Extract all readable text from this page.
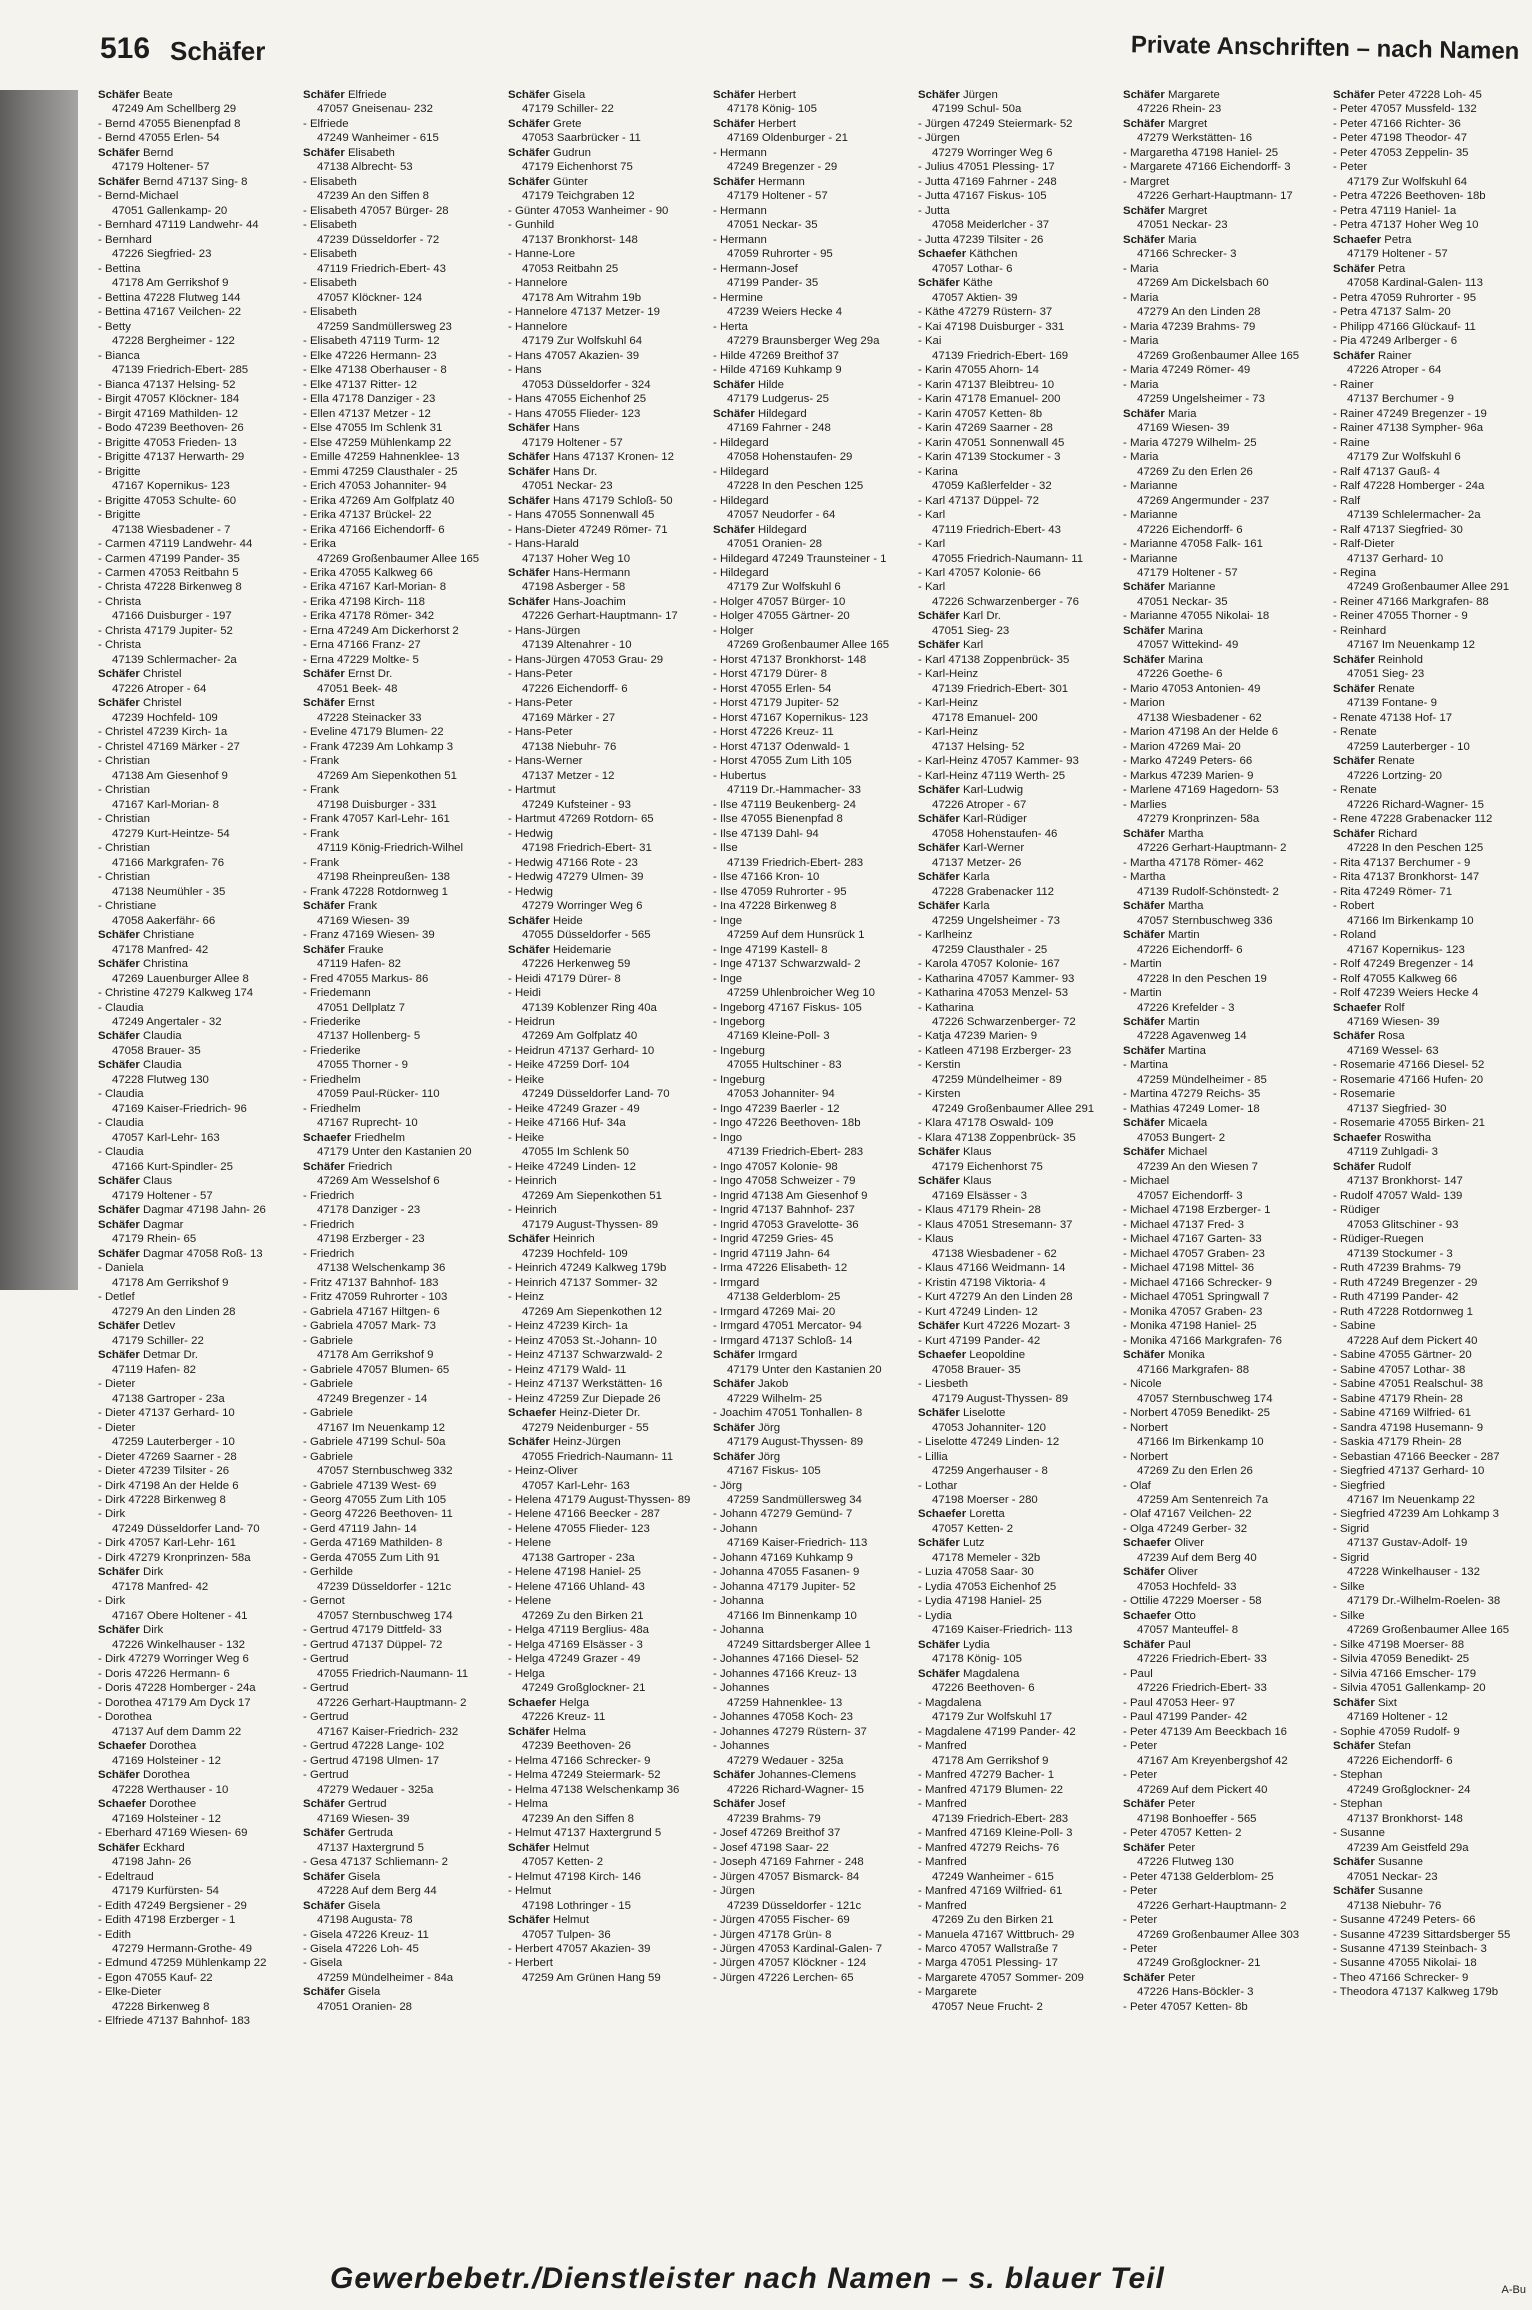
516 Schäfer	Private Anschriften – nach Namen
Schäfer Beate
47249 Am Schellberg 29
- Bernd 47055 Bienenpfad 8
- Bernd 47055 Erlen- 54
Schäfer Bernd
47179 Holtener- 57
Schäfer Bernd 47137 Sing- 8
- Bernd-Michael
47051 Gallenkamp- 20
- Bernhard 47119 Landwehr- 44
- Bernhard
47226 Siegfried- 23
- Bettina
47178 Am Gerrikshof 9
- Bettina 47228 Flutweg 144
- Bettina 47167 Veilchen- 22
- Betty
47228 Bergheimer - 122
- Bianca
47139 Friedrich-Ebert- 285
- Bianca 47137 Helsing- 52
- Birgit 47057 Klöckner- 184
- Birgit 47169 Mathilden- 12
- Bodo 47239 Beethoven- 26
- Brigitte 47053 Frieden- 13
- Brigitte 47137 Herwarth- 29
- Brigitte
47167 Kopernikus- 123
- Brigitte 47053 Schulte- 60
- Brigitte
47138 Wiesbadener - 7
- Carmen 47119 Landwehr- 44
- Carmen 47199 Pander- 35
- Carmen 47053 Reitbahn 5
- Christa 47228 Birkenweg 8
- Christa
47166 Duisburger - 197
- Christa 47179 Jupiter- 52
- Christa
47139 Schlermacher- 2a
Schäfer Christel
47226 Atroper - 64
Schäfer Christel
47239 Hochfeld- 109
- Christel 47239 Kirch- 1a
- Christel 47169 Märker - 27
- Christian
47138 Am Giesenhof 9
- Christian
47167 Karl-Morian- 8
- Christian
47279 Kurt-Heintze- 54
- Christian
47166 Markgrafen- 76
- Christian
47138 Neumühler - 35
- Christiane
47058 Aakerfähr- 66
Schäfer Christiane
47178 Manfred- 42
Schäfer Christina
47269 Lauenburger Allee 8
- Christine 47279 Kalkweg 174
- Claudia
47249 Angertaler - 32
Schäfer Claudia
47058 Brauer- 35
Schäfer Claudia
47228 Flutweg 130
- Claudia
47169 Kaiser-Friedrich- 96
- Claudia
47057 Karl-Lehr- 163
- Claudia
47166 Kurt-Spindler- 25
Schäfer Claus
47179 Holtener - 57
Schäfer Dagmar 47198 Jahn- 26
Schäfer Dagmar
47179 Rhein- 65
Schäfer Dagmar 47058 Roß- 13
- Daniela
47178 Am Gerrikshof 9
- Detlef
47279 An den Linden 28
Schäfer Detlev
47179 Schiller- 22
Schäfer Detmar Dr.
47119 Hafen- 82
- Dieter
47138 Gartroper - 23a
- Dieter 47137 Gerhard- 10
- Dieter
47259 Lauterberger - 10
- Dieter 47269 Saarner - 28
- Dieter 47239 Tilsiter - 26
- Dirk 47198 An der Helde 6
- Dirk 47228 Birkenweg 8
- Dirk
47249 Düsseldorfer Land- 70
- Dirk 47057 Karl-Lehr- 161
- Dirk 47279 Kronprinzen- 58a
Schäfer Dirk
47178 Manfred- 42
- Dirk
47167 Obere Holtener - 41
Schäfer Dirk
47226 Winkelhauser - 132
- Dirk 47279 Worringer Weg 6
- Doris 47226 Hermann- 6
- Doris 47228 Homberger - 24a
- Dorothea 47179 Am Dyck 17
- Dorothea
47137 Auf dem Damm 22
Schaefer Dorothea
47169 Holsteiner - 12
Schäfer Dorothea
47228 Werthauser - 10
Schaefer Dorothee
47169 Holsteiner - 12
- Eberhard 47169 Wiesen- 69
Schäfer Eckhard
47198 Jahn- 26
- Edeltraud
47179 Kurfürsten- 54
- Edith 47249 Bergsiener - 29
- Edith 47198 Erzberger - 1
- Edith
47279 Hermann-Grothe- 49
- Edmund 47259 Mühlenkamp 22
- Egon 47055 Kauf- 22
- Elke-Dieter
47228 Birkenweg 8
- Elfriede 47137 Bahnhof- 183
Schäfer Elfriede
47057 Gneisenau- 232
- Elfriede
47249 Wanheimer - 615
Schäfer Elisabeth
47138 Albrecht- 53
- Elisabeth
47239 An den Siffen 8
- Elisabeth 47057 Bürger- 28
- Elisabeth
47239 Düsseldorfer - 72
- Elisabeth
47119 Friedrich-Ebert- 43
- Elisabeth
47057 Klöckner- 124
- Elisabeth
47259 Sandmüllersweg 23
- Elisabeth 47119 Turm- 12
- Elke 47226 Hermann- 23
- Elke 47138 Oberhauser - 8
- Elke 47137 Ritter- 12
- Ella 47178 Danziger - 23
- Ellen 47137 Metzer - 12
- Else 47055 Im Schlenk 31
- Else 47259 Mühlenkamp 22
- Emille 47259 Hahnenklee- 13
- Emmi 47259 Clausthaler - 25
- Erich 47053 Johanniter- 94
- Erika 47269 Am Golfplatz 40
- Erika 47137 Brückel- 22
- Erika 47166 Eichendorff- 6
- Erika
47269 Großenbaumer Allee 165
- Erika 47055 Kalkweg 66
- Erika 47167 Karl-Morian- 8
- Erika 47198 Kirch- 118
- Erika 47178 Römer- 342
- Erna 47249 Am Dickerhorst 2
- Erna 47166 Franz- 27
- Erna 47229 Moltke- 5
Schäfer Ernst Dr.
47051 Beek- 48
Schäfer Ernst
47228 Steinacker 33
- Eveline 47179 Blumen- 22
- Frank 47239 Am Lohkamp 3
- Frank
47269 Am Siepenkothen 51
- Frank
47198 Duisburger - 331
- Frank 47057 Karl-Lehr- 161
- Frank
47119 König-Friedrich-Wilhel
- Frank
47198 Rheinpreußen- 138
- Frank 47228 Rotdornweg 1
Schäfer Frank
47169 Wiesen- 39
- Franz 47169 Wiesen- 39
Schäfer Frauke
47119 Hafen- 82
- Fred 47055 Markus- 86
- Friedemann
47051 Dellplatz 7
- Friederike
47137 Hollenberg- 5
- Friederike
47055 Thorner - 9
- Friedhelm
47059 Paul-Rücker- 110
- Friedhelm
47167 Ruprecht- 10
Schaefer Friedhelm
47179 Unter den Kastanien 20
Schäfer Friedrich
47269 Am Wesselshof 6
- Friedrich
47178 Danziger - 23
- Friedrich
47198 Erzberger - 23
- Friedrich
47138 Welschenkamp 36
- Fritz 47137 Bahnhof- 183
- Fritz 47059 Ruhrorter - 103
- Gabriela 47167 Hiltgen- 6
- Gabriela 47057 Mark- 73
- Gabriele
47178 Am Gerrikshof 9
- Gabriele 47057 Blumen- 65
- Gabriele
47249 Bregenzer - 14
- Gabriele
47167 Im Neuenkamp 12
- Gabriele 47199 Schul- 50a
- Gabriele
47057 Sternbuschweg 332
- Gabriele 47139 West- 69
- Georg 47055 Zum Lith 105
- Georg 47226 Beethoven- 11
- Gerd 47119 Jahn- 14
- Gerda 47169 Mathilden- 8
- Gerda 47055 Zum Lith 91
- Gerhilde
47239 Düsseldorfer - 121c
- Gernot
47057 Sternbuschweg 174
- Gertrud 47179 Dittfeld- 33
- Gertrud 47137 Düppel- 72
- Gertrud
47055 Friedrich-Naumann- 11
- Gertrud
47226 Gerhart-Hauptmann- 2
- Gertrud
47167 Kaiser-Friedrich- 232
- Gertrud 47228 Lange- 102
- Gertrud 47198 Ulmen- 17
- Gertrud
47279 Wedauer - 325a
Schäfer Gertrud
47169 Wiesen- 39
Schäfer Gertruda
47137 Haxtergrund 5
- Gesa 47137 Schliemann- 2
Schäfer Gisela
47228 Auf dem Berg 44
Schäfer Gisela
47198 Augusta- 78
- Gisela 47226 Kreuz- 11
- Gisela 47226 Loh- 45
- Gisela
47259 Mündelheimer - 84a
Schäfer Gisela
47051 Oranien- 28
Schäfer Gisela
47179 Schiller- 22
Schäfer Grete
47053 Saarbrücker - 11
Schäfer Gudrun
47179 Eichenhorst 75
Schäfer Günter
47179 Teichgraben 12
- Günter 47053 Wanheimer - 90
- Gunhild
47137 Bronkhorst- 148
- Hanne-Lore
47053 Reitbahn 25
- Hannelore
47178 Am Witrahm 19b
- Hannelore 47137 Metzer- 19
- Hannelore
47179 Zur Wolfskuhl 64
- Hans 47057 Akazien- 39
- Hans
47053 Düsseldorfer - 324
- Hans 47055 Eichenhof 25
- Hans 47055 Flieder- 123
Schäfer Hans
47179 Holtener - 57
Schäfer Hans 47137 Kronen- 12
Schäfer Hans Dr.
47051 Neckar- 23
Schäfer Hans 47179 Schloß- 50
- Hans 47055 Sonnenwall 45
- Hans-Dieter 47249 Römer- 71
- Hans-Harald
47137 Hoher Weg 10
Schäfer Hans-Hermann
47198 Asberger - 58
Schäfer Hans-Joachim
47226 Gerhart-Hauptmann- 17
- Hans-Jürgen
47139 Altenahrer - 10
- Hans-Jürgen 47053 Grau- 29
- Hans-Peter
47226 Eichendorff- 6
- Hans-Peter
47169 Märker - 27
- Hans-Peter
47138 Niebuhr- 76
- Hans-Werner
47137 Metzer - 12
- Hartmut
47249 Kufsteiner - 93
- Hartmut 47269 Rotdorn- 65
- Hedwig
47198 Friedrich-Ebert- 31
- Hedwig 47166 Rote - 23
- Hedwig 47279 Ulmen- 39
- Hedwig
47279 Worringer Weg 6
Schäfer Heide
47055 Düsseldorfer - 565
Schäfer Heidemarie
47226 Herkenweg 59
- Heidi 47179 Dürer- 8
- Heidi
47139 Koblenzer Ring 40a
- Heidrun
47269 Am Golfplatz 40
- Heidrun 47137 Gerhard- 10
- Heike 47259 Dorf- 104
- Heike
47249 Düsseldorfer Land- 70
- Heike 47249 Grazer - 49
- Heike 47166 Huf- 34a
- Heike
47055 Im Schlenk 50
- Heike 47249 Linden- 12
- Heinrich
47269 Am Siepenkothen 51
- Heinrich
47179 August-Thyssen- 89
Schäfer Heinrich
47239 Hochfeld- 109
- Heinrich 47249 Kalkweg 179b
- Heinrich 47137 Sommer- 32
- Heinz
47269 Am Siepenkothen 12
- Heinz 47239 Kirch- 1a
- Heinz 47053 St.-Johann- 10
- Heinz 47137 Schwarzwald- 2
- Heinz 47179 Wald- 11
- Heinz 47137 Werkstätten- 16
- Heinz 47259 Zur Diepade 26
Schaefer Heinz-Dieter Dr.
47279 Neidenburger - 55
Schäfer Heinz-Jürgen
47055 Friedrich-Naumann- 11
- Heinz-Oliver
47057 Karl-Lehr- 163
- Helena 47179 August-Thyssen- 89
- Helene 47166 Beecker - 287
- Helene 47055 Flieder- 123
- Helene
47138 Gartroper - 23a
- Helene 47198 Haniel- 25
- Helene 47166 Uhland- 43
- Helene
47269 Zu den Birken 21
- Helga 47119 Berglius- 48a
- Helga 47169 Elsässer - 3
- Helga 47249 Grazer - 49
- Helga
47249 Großglockner- 21
Schaefer Helga
47226 Kreuz- 11
Schäfer Helma
47239 Beethoven- 26
- Helma 47166 Schrecker- 9
- Helma 47249 Steiermark- 52
- Helma 47138 Welschenkamp 36
- Helma
47239 An den Siffen 8
- Helmut 47137 Haxtergrund 5
Schäfer Helmut
47057 Ketten- 2
- Helmut 47198 Kirch- 146
- Helmut
47198 Lothringer - 15
Schäfer Helmut
47057 Tulpen- 36
- Herbert 47057 Akazien- 39
- Herbert
47259 Am Grünen Hang 59
Schäfer Herbert
47178 König- 105
Schäfer Herbert
47169 Oldenburger - 21
- Hermann
47249 Bregenzer - 29
Schäfer Hermann
47179 Holtener - 57
- Hermann
47051 Neckar- 35
- Hermann
47059 Ruhrorter - 95
- Hermann-Josef
47199 Pander- 35
- Hermine
47239 Weiers Hecke 4
- Herta
47279 Braunsberger Weg 29a
- Hilde 47269 Breithof 37
- Hilde 47169 Kuhkamp 9
Schäfer Hilde
47179 Ludgerus- 25
Schäfer Hildegard
47169 Fahrner - 248
- Hildegard
47058 Hohenstaufen- 29
- Hildegard
47228 In den Peschen 125
- Hildegard
47057 Neudorfer - 64
Schäfer Hildegard
47051 Oranien- 28
- Hildegard 47249 Traunsteiner - 1
- Hildegard
47179 Zur Wolfskuhl 6
- Holger 47057 Bürger- 10
- Holger 47055 Gärtner- 20
- Holger
47269 Großenbaumer Allee 165
- Horst 47137 Bronkhorst- 148
- Horst 47179 Dürer- 8
- Horst 47055 Erlen- 54
- Horst 47179 Jupiter- 52
- Horst 47167 Kopernikus- 123
- Horst 47226 Kreuz- 11
- Horst 47137 Odenwald- 1
- Horst 47055 Zum Lith 105
- Hubertus
47119 Dr.-Hammacher- 33
- Ilse 47119 Beukenberg- 24
- Ilse 47055 Bienenpfad 8
- Ilse 47139 Dahl- 94
- Ilse
47139 Friedrich-Ebert- 283
- Ilse 47166 Kron- 10
- Ilse 47059 Ruhrorter - 95
- Ina 47228 Birkenweg 8
- Inge
47259 Auf dem Hunsrück 1
- Inge 47199 Kastell- 8
- Inge 47137 Schwarzwald- 2
- Inge
47259 Uhlenbroicher Weg 10
- Ingeborg 47167 Fiskus- 105
- Ingeborg
47169 Kleine-Poll- 3
- Ingeburg
47055 Hultschiner - 83
- Ingeburg
47053 Johanniter- 94
- Ingo 47239 Baerler - 12
- Ingo 47226 Beethoven- 18b
- Ingo
47139 Friedrich-Ebert- 283
- Ingo 47057 Kolonie- 98
- Ingo 47058 Schweizer - 79
- Ingrid 47138 Am Giesenhof 9
- Ingrid 47137 Bahnhof- 237
- Ingrid 47053 Gravelotte- 36
- Ingrid 47259 Gries- 45
- Ingrid 47119 Jahn- 64
- Irma 47226 Elisabeth- 12
- Irmgard
47138 Gelderblom- 25
- Irmgard 47269 Mai- 20
- Irmgard 47051 Mercator- 94
- Irmgard 47137 Schloß- 14
Schäfer Irmgard
47179 Unter den Kastanien 20
Schäfer Jakob
47229 Wilhelm- 25
- Joachim 47051 Tonhallen- 8
Schäfer Jörg
47179 August-Thyssen- 89
Schäfer Jörg
47167 Fiskus- 105
- Jörg
47259 Sandmüllersweg 34
- Johann 47279 Gemünd- 7
- Johann
47169 Kaiser-Friedrich- 113
- Johann 47169 Kuhkamp 9
- Johanna 47055 Fasanen- 9
- Johanna 47179 Jupiter- 52
- Johanna
47166 Im Binnenkamp 10
- Johanna
47249 Sittardsberger Allee 1
- Johannes 47166 Diesel- 52
- Johannes 47166 Kreuz- 13
- Johannes
47259 Hahnenklee- 13
- Johannes 47058 Koch- 23
- Johannes 47279 Rüstern- 37
- Johannes
47279 Wedauer - 325a
Schäfer Johannes-Clemens
47226 Richard-Wagner- 15
Schäfer Josef
47239 Brahms- 79
- Josef 47269 Breithof 37
- Josef 47198 Saar- 22
- Joseph 47169 Fahrner - 248
- Jürgen 47057 Bismarck- 84
- Jürgen
47239 Düsseldorfer - 121c
- Jürgen 47055 Fischer- 69
- Jürgen 47178 Grün- 8
- Jürgen 47053 Kardinal-Galen- 7
- Jürgen 47057 Klöckner - 124
- Jürgen 47226 Lerchen- 65
Schäfer Jürgen
47199 Schul- 50a
- Jürgen 47249 Steiermark- 52
- Jürgen
47279 Worringer Weg 6
- Julius 47051 Plessing- 17
- Jutta 47169 Fahrner - 248
- Jutta 47167 Fiskus- 105
- Jutta
47058 Meiderlcher - 37
- Jutta 47239 Tilsiter - 26
Schaefer Käthchen
47057 Lothar- 6
Schäfer Käthe
47057 Aktien- 39
- Käthe 47279 Rüstern- 37
- Kai 47198 Duisburger - 331
- Kai
47139 Friedrich-Ebert- 169
- Karin 47055 Ahorn- 14
- Karin 47137 Bleibtreu- 10
- Karin 47178 Emanuel- 200
- Karin 47057 Ketten- 8b
- Karin 47269 Saarner - 28
- Karin 47051 Sonnenwall 45
- Karin 47139 Stockumer - 3
- Karina
47059 Kaßlerfelder - 32
- Karl 47137 Düppel- 72
- Karl
47119 Friedrich-Ebert- 43
- Karl
47055 Friedrich-Naumann- 11
- Karl 47057 Kolonie- 66
- Karl
47226 Schwarzenberger - 76
Schäfer Karl Dr.
47051 Sieg- 23
Schäfer Karl
- Karl 47138 Zoppenbrück- 35
- Karl-Heinz
47139 Friedrich-Ebert- 301
- Karl-Heinz
47178 Emanuel- 200
- Karl-Heinz
47137 Helsing- 52
- Karl-Heinz 47057 Kammer- 93
- Karl-Heinz 47119 Werth- 25
Schäfer Karl-Ludwig
47226 Atroper - 67
Schäfer Karl-Rüdiger
47058 Hohenstaufen- 46
Schäfer Karl-Werner
47137 Metzer- 26
Schäfer Karla
47228 Grabenacker 112
Schäfer Karla
47259 Ungelsheimer - 73
- Karlheinz
47259 Clausthaler - 25
- Karola 47057 Kolonie- 167
- Katharina 47057 Kammer- 93
- Katharina 47053 Menzel- 53
- Katharina
47226 Schwarzenberger- 72
- Katja 47239 Marien- 9
- Katleen 47198 Erzberger- 23
- Kerstin
47259 Mündelheimer - 89
- Kirsten
47249 Großenbaumer Allee 291
- Klara 47178 Oswald- 109
- Klara 47138 Zoppenbrück- 35
Schäfer Klaus
47179 Eichenhorst 75
Schäfer Klaus
47169 Elsässer - 3
- Klaus 47179 Rhein- 28
- Klaus 47051 Stresemann- 37
- Klaus
47138 Wiesbadener - 62
- Klaus 47166 Weidmann- 14
- Kristin 47198 Viktoria- 4
- Kurt 47279 An den Linden 28
- Kurt 47249 Linden- 12
Schäfer Kurt 47226 Mozart- 3
- Kurt 47199 Pander- 42
Schaefer Leopoldine
47058 Brauer- 35
- Liesbeth
47179 August-Thyssen- 89
Schäfer Liselotte
47053 Johanniter- 120
- Liselotte 47249 Linden- 12
- Lillia
47259 Angerhauser - 8
- Lothar
47198 Moerser - 280
Schaefer Loretta
47057 Ketten- 2
Schäfer Lutz
47178 Memeler - 32b
- Luzia 47058 Saar- 30
- Lydia 47053 Eichenhof 25
- Lydia 47198 Haniel- 25
- Lydia
47169 Kaiser-Friedrich- 113
Schäfer Lydia
47178 König- 105
Schäfer Magdalena
47226 Beethoven- 6
- Magdalena
47179 Zur Wolfskuhl 17
- Magdalene 47199 Pander- 42
- Manfred
47178 Am Gerrikshof 9
- Manfred 47279 Bacher- 1
- Manfred 47179 Blumen- 22
- Manfred
47139 Friedrich-Ebert- 283
- Manfred 47169 Kleine-Poll- 3
- Manfred 47279 Reichs- 76
- Manfred
47249 Wanheimer - 615
- Manfred 47169 Wilfried- 61
- Manfred
47269 Zu den Birken 21
- Manuela 47167 Wittbruch- 29
- Marco 47057 Wallstraße 7
- Marga 47051 Plessing- 17
- Margarete 47057 Sommer- 209
- Margarete
47057 Neue Frucht- 2
Schäfer Margarete
47226 Rhein- 23
Schäfer Margret
47279 Werkstätten- 16
- Margaretha 47198 Haniel- 25
- Margarete 47166 Eichendorff- 3
- Margret
47226 Gerhart-Hauptmann- 17
Schäfer Margret
47051 Neckar- 23
Schäfer Maria
47166 Schrecker- 3
- Maria
47269 Am Dickelsbach 60
- Maria
47279 An den Linden 28
- Maria 47239 Brahms- 79
- Maria
47269 Großenbaumer Allee 165
- Maria 47249 Römer- 49
- Maria
47259 Ungelsheimer - 73
Schäfer Maria
47169 Wiesen- 39
- Maria 47279 Wilhelm- 25
- Maria
47269 Zu den Erlen 26
- Marianne
47269 Angermunder - 237
- Marianne
47226 Eichendorff- 6
- Marianne 47058 Falk- 161
- Marianne
47179 Holtener - 57
Schäfer Marianne
47051 Neckar- 35
- Marianne 47055 Nikolai- 18
Schäfer Marina
47057 Wittekind- 49
Schäfer Marina
47226 Goethe- 6
- Mario 47053 Antonien- 49
- Marion
47138 Wiesbadener - 62
- Marion 47198 An der Helde 6
- Marion 47269 Mai- 20
- Marko 47249 Peters- 66
- Markus 47239 Marien- 9
- Marlene 47169 Hagedorn- 53
- Marlies
47279 Kronprinzen- 58a
Schäfer Martha
47226 Gerhart-Hauptmann- 2
- Martha 47178 Römer- 462
- Martha
47139 Rudolf-Schönstedt- 2
Schäfer Martha
47057 Sternbuschweg 336
Schäfer Martin
47226 Eichendorff- 6
- Martin
47228 In den Peschen 19
- Martin
47226 Krefelder - 3
Schäfer Martin
47228 Agavenweg 14
Schäfer Martina
- Martina
47259 Mündelheimer - 85
- Martina 47279 Reichs- 35
- Mathias 47249 Lomer- 18
Schäfer Micaela
47053 Bungert- 2
Schäfer Michael
47239 An den Wiesen 7
- Michael
47057 Eichendorff- 3
- Michael 47198 Erzberger- 1
- Michael 47137 Fred- 3
- Michael 47167 Garten- 33
- Michael 47057 Graben- 23
- Michael 47198 Mittel- 36
- Michael 47166 Schrecker- 9
- Michael 47051 Springwall 7
- Monika 47057 Graben- 23
- Monika 47198 Haniel- 25
- Monika 47166 Markgrafen- 76
Schäfer Monika
47166 Markgrafen- 88
- Nicole
47057 Sternbuschweg 174
- Norbert 47059 Benedikt- 25
- Norbert
47166 Im Birkenkamp 10
- Norbert
47269 Zu den Erlen 26
- Olaf
47259 Am Sentenreich 7a
- Olaf 47167 Veilchen- 22
- Olga 47249 Gerber- 32
Schaefer Oliver
47239 Auf dem Berg 40
Schäfer Oliver
47053 Hochfeld- 33
- Ottilie 47229 Moerser - 58
Schaefer Otto
47057 Manteuffel- 8
Schäfer Paul
47226 Friedrich-Ebert- 33
- Paul
47226 Friedrich-Ebert- 33
- Paul 47053 Heer- 97
- Paul 47199 Pander- 42
- Peter 47139 Am Beeckbach 16
- Peter
47167 Am Kreyenbergshof 42
- Peter
47269 Auf dem Pickert 40
Schäfer Peter
47198 Bonhoeffer - 565
- Peter 47057 Ketten- 2
Schäfer Peter
47226 Flutweg 130
- Peter 47138 Gelderblom- 25
- Peter
47226 Gerhart-Hauptmann- 2
- Peter
47269 Großenbaumer Allee 303
- Peter
47249 Großglockner- 21
Schäfer Peter
47226 Hans-Böckler- 3
- Peter 47057 Ketten- 8b
Schäfer Peter 47228 Loh- 45
- Peter 47057 Mussfeld- 132
- Peter 47166 Richter- 36
- Peter 47198 Theodor- 47
- Peter 47053 Zeppelin- 35
- Peter
47179 Zur Wolfskuhl 64
- Petra 47226 Beethoven- 18b
- Petra 47119 Haniel- 1a
- Petra 47137 Hoher Weg 10
Schaefer Petra
47179 Holtener - 57
Schäfer Petra
47058 Kardinal-Galen- 113
- Petra 47059 Ruhrorter - 95
- Petra 47137 Salm- 20
- Philipp 47166 Glückauf- 11
- Pia 47249 Arlberger - 6
Schäfer Rainer
47226 Atroper - 64
- Rainer
47137 Berchumer - 9
- Rainer 47249 Bregenzer - 19
- Rainer 47138 Sympher- 96a
- Raine
47179 Zur Wolfskuhl 6
- Ralf 47137 Gauß- 4
- Ralf 47228 Homberger - 24a
- Ralf
47139 Schlelermacher- 2a
- Ralf 47137 Siegfried- 30
- Ralf-Dieter
47137 Gerhard- 10
- Regina
47249 Großenbaumer Allee 291
- Reiner 47166 Markgrafen- 88
- Reiner 47055 Thorner - 9
- Reinhard
47167 Im Neuenkamp 12
Schäfer Reinhold
47051 Sieg- 23
Schäfer Renate
47139 Fontane- 9
- Renate 47138 Hof- 17
- Renate
47259 Lauterberger - 10
Schäfer Renate
47226 Lortzing- 20
- Renate
47226 Richard-Wagner- 15
- Rene 47228 Grabenacker 112
Schäfer Richard
47228 In den Peschen 125
- Rita 47137 Berchumer - 9
- Rita 47137 Bronkhorst- 147
- Rita 47249 Römer- 71
- Robert
47166 Im Birkenkamp 10
- Roland
47167 Kopernikus- 123
- Rolf 47249 Bregenzer - 14
- Rolf 47055 Kalkweg 66
- Rolf 47239 Weiers Hecke 4
Schaefer Rolf
47169 Wiesen- 39
Schäfer Rosa
47169 Wessel- 63
- Rosemarie 47166 Diesel- 52
- Rosemarie 47166 Hufen- 20
- Rosemarie
47137 Siegfried- 30
- Rosemarie 47055 Birken- 21
Schaefer Roswitha
47119 Zuhlgadi- 3
Schäfer Rudolf
47137 Bronkhorst- 147
- Rudolf 47057 Wald- 139
- Rüdiger
47053 Glitschiner - 93
- Rüdiger-Ruegen
47139 Stockumer - 3
- Ruth 47239 Brahms- 79
- Ruth 47249 Bregenzer - 29
- Ruth 47199 Pander- 42
- Ruth 47228 Rotdornweg 1
- Sabine
47228 Auf dem Pickert 40
- Sabine 47055 Gärtner- 20
- Sabine 47057 Lothar- 38
- Sabine 47051 Realschul- 38
- Sabine 47179 Rhein- 28
- Sabine 47169 Wilfried- 61
- Sandra 47198 Husemann- 9
- Saskia 47179 Rhein- 28
- Sebastian 47166 Beecker - 287
- Siegfried 47137 Gerhard- 10
- Siegfried
47167 Im Neuenkamp 22
- Siegfried 47239 Am Lohkamp 3
- Sigrid
47137 Gustav-Adolf- 19
- Sigrid
47228 Winkelhauser - 132
- Silke
47179 Dr.-Wilhelm-Roelen- 38
- Silke
47269 Großenbaumer Allee 165
- Silke 47198 Moerser- 88
- Silvia 47059 Benedikt- 25
- Silvia 47166 Emscher- 179
- Silvia 47051 Gallenkamp- 20
Schäfer Sixt
47169 Holtener - 12
- Sophie 47059 Rudolf- 9
Schäfer Stefan
47226 Eichendorff- 6
- Stephan
47249 Großglockner- 24
- Stephan
47137 Bronkhorst- 148
- Susanne
47239 Am Geistfeld 29a
Schäfer Susanne
47051 Neckar- 23
Schäfer Susanne
47138 Niebuhr- 76
- Susanne 47249 Peters- 66
- Susanne 47239 Sittardsberger 55
- Susanne 47139 Steinbach- 3
- Susanne 47055 Nikolai- 18
- Theo 47166 Schrecker- 9
- Theodora 47137 Kalkweg 179b
Gewerbebetr./Dienstleister nach Namen – s. blauer Teil	A-Bu
